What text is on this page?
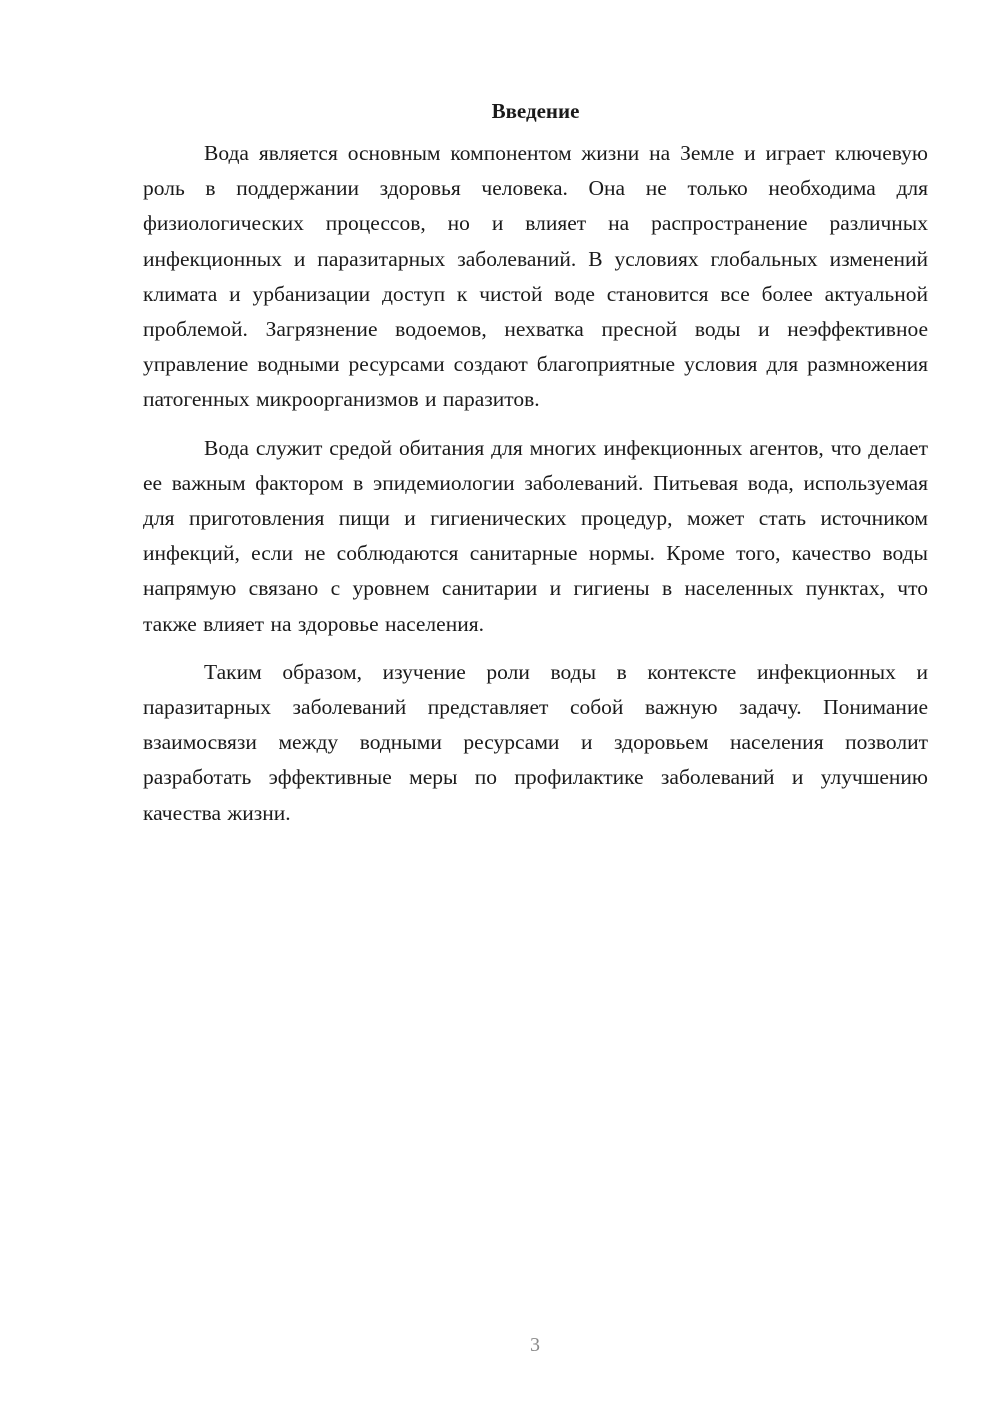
Введение

Вода является основным компонентом жизни на Земле и играет ключевую роль в поддержании здоровья человека. Она не только необходима для физиологических процессов, но и влияет на распространение различных инфекционных и паразитарных заболеваний. В условиях глобальных изменений климата и урбанизации доступ к чистой воде становится все более актуальной проблемой. Загрязнение водоемов, нехватка пресной воды и неэффективное управление водными ресурсами создают благоприятные условия для размножения патогенных микроорганизмов и паразитов.

Вода служит средой обитания для многих инфекционных агентов, что делает ее важным фактором в эпидемиологии заболеваний. Питьевая вода, используемая для приготовления пищи и гигиенических процедур, может стать источником инфекций, если не соблюдаются санитарные нормы. Кроме того, качество воды напрямую связано с уровнем санитарии и гигиены в населенных пунктах, что также влияет на здоровье населения.

Таким образом, изучение роли воды в контексте инфекционных и паразитарных заболеваний представляет собой важную задачу. Понимание взаимосвязи между водными ресурсами и здоровьем населения позволит разработать эффективные меры по профилактике заболеваний и улучшению качества жизни.

3
